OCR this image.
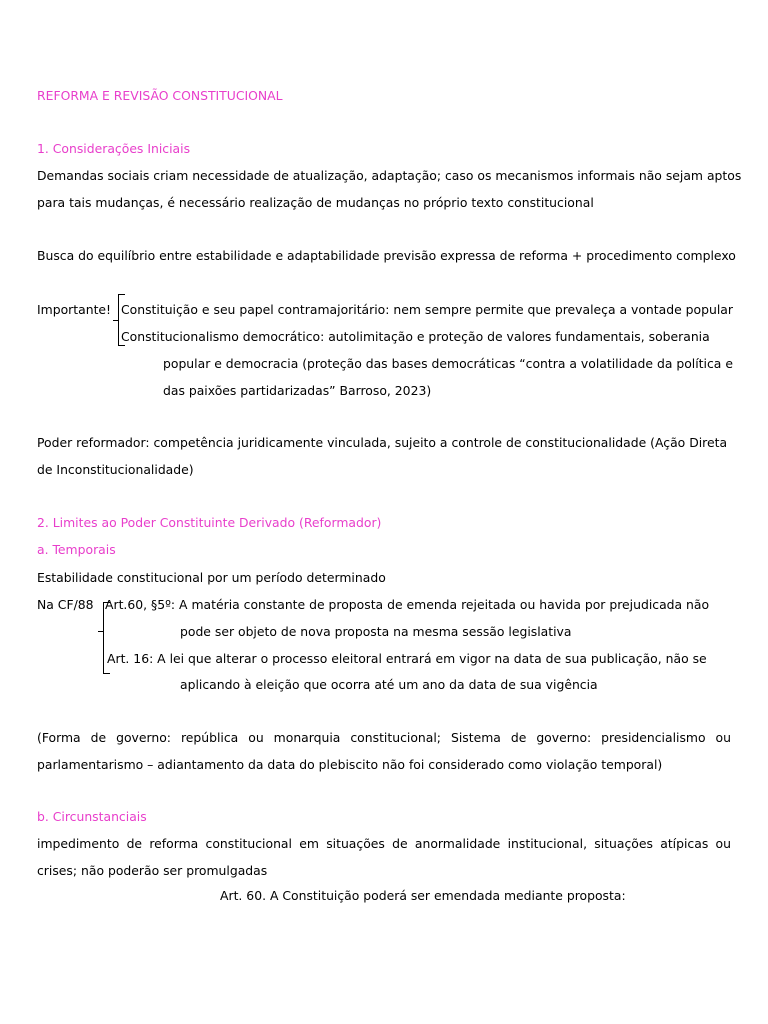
REFORMA E REVISÃO CONSTITUCIONAL
1. Considerações Iniciais
Demandas sociais criam necessidade de atualização, adaptação; caso os mecanismos informais não sejam aptos
para tais mudanças, é necessário realização de mudanças no próprio texto constitucional
Busca do equilíbrio entre estabilidade e adaptabilidade previsão expressa de reforma + procedimento complexo
Importante! Constituição e seu papel contramajoritário: nem sempre permite que prevaleça a vontade popular
Constitucionalismo democrático: autolimitação e proteção de valores fundamentais, soberania
popular e democracia (proteção das bases democráticas “contra a volatilidade da política e
das paixões partidarizadas” Barroso, 2023)
Poder reformador: competência juridicamente vinculada, sujeito a controle de constitucionalidade (Ação Direta
de Inconstitucionalidade)
2. Limites ao Poder Constituinte Derivado (Reformador)
a. Temporais
Estabilidade constitucional por um período determinado
Na CF/88 Art.60, §5º: A matéria constante de proposta de emenda rejeitada ou havida por prejudicada não
pode ser objeto de nova proposta na mesma sessão legislativa
Art. 16: A lei que alterar o processo eleitoral entrará em vigor na data de sua publicação, não se
aplicando à eleição que ocorra até um ano da data de sua vigência
(Forma de governo: república ou monarquia constitucional; Sistema de governo: presidencialismo ou parlamentarismo – adiantamento da data do plebiscito não foi considerado como violação temporal)
b. Circunstanciais
impedimento de reforma constitucional em situações de anormalidade institucional, situações atípicas ou crises; não poderão ser promulgadas
Art. 60. A Constituição poderá ser emendada mediante proposta:
